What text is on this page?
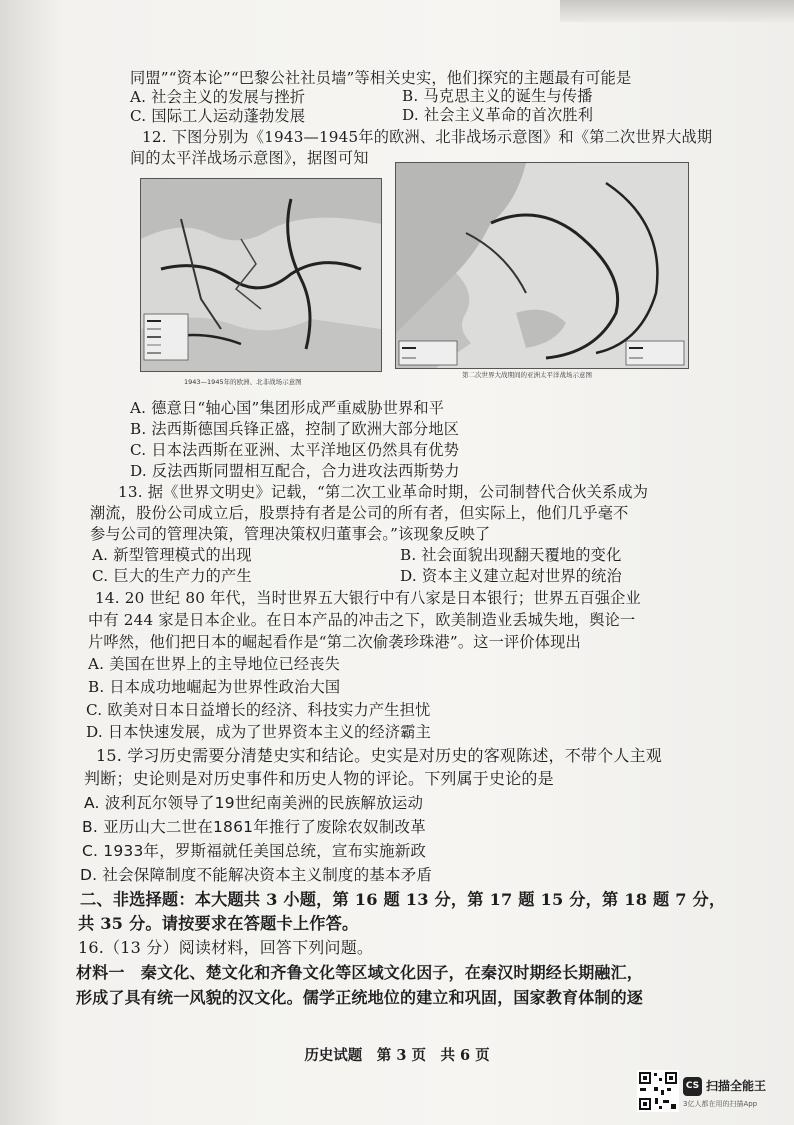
同盟”“资本论”“巴黎公社社员墙”等相关史实，他们探究的主题最有可能是
A. 社会主义的发展与挫折	B. 马克思主义的诞生与传播
C. 国际工人运动蓬勃发展	D. 社会主义革命的首次胜利
12. 下图分别为《1943—1945年的欧洲、北非战场示意图》和《第二次世界大战期
间的太平洋战场示意图》，据图可知
1943—1945年的欧洲、北非战场示意图
第二次世界大战期间的亚洲太平洋战场示意图
A. 德意日“轴心国”集团形成严重威胁世界和平
B. 法西斯德国兵锋正盛，控制了欧洲大部分地区
C. 日本法西斯在亚洲、太平洋地区仍然具有优势
D. 反法西斯同盟相互配合，合力进攻法西斯势力
13. 据《世界文明史》记载，“第二次工业革命时期，公司制替代合伙关系成为
潮流，股份公司成立后，股票持有者是公司的所有者，但实际上，他们几乎毫不
参与公司的管理决策，管理决策权归董事会。”该现象反映了
A. 新型管理模式的出现	B. 社会面貌出现翻天覆地的变化
C. 巨大的生产力的产生	D. 资本主义建立起对世界的统治
14. 20 世纪 80 年代，当时世界五大银行中有八家是日本银行；世界五百强企业
中有 244 家是日本企业。在日本产品的冲击之下，欧美制造业丢城失地，舆论一
片哗然，他们把日本的崛起看作是“第二次偷袭珍珠港”。这一评价体现出
A. 美国在世界上的主导地位已经丧失
B. 日本成功地崛起为世界性政治大国
C. 欧美对日本日益增长的经济、科技实力产生担忧
D. 日本快速发展，成为了世界资本主义的经济霸主
15. 学习历史需要分清楚史实和结论。史实是对历史的客观陈述，不带个人主观
判断；史论则是对历史事件和历史人物的评论。下列属于史论的是
A. 波利瓦尔领导了19世纪南美洲的民族解放运动
B. 亚历山大二世在1861年推行了废除农奴制改革
C. 1933年，罗斯福就任美国总统，宣布实施新政
D. 社会保障制度不能解决资本主义制度的基本矛盾
二、非选择题：本大题共 3 小题，第 16 题 13 分，第 17 题 15 分，第 18 题 7 分，
共 35 分。请按要求在答题卡上作答。
16.（13 分）阅读材料，回答下列问题。
材料一　秦文化、楚文化和齐鲁文化等区域文化因子，在秦汉时期经长期融汇，
形成了具有统一风貌的汉文化。儒学正统地位的建立和巩固，国家教育体制的逐
历史试题　第 3 页　共 6 页
CS 扫描全能王
3亿人都在用的扫描App
